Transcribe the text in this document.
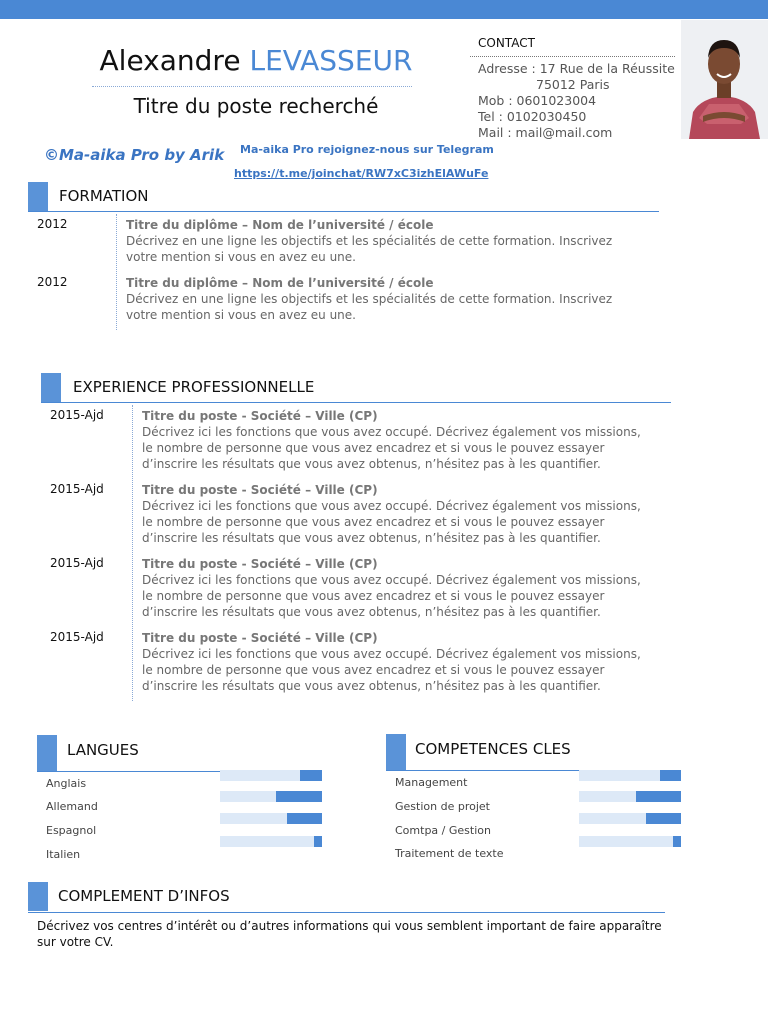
Alexandre LEVASSEUR
Titre du poste recherché
©Ma-aika Pro by Arik Ma-aika Pro rejoignez-nous sur Telegram
https://t.me/joinchat/RW7xC3izhElAWuFe
CONTACT
Adresse : 17 Rue de la Réussite
75012 Paris
Mob : 0601023004
Tel : 0102030450
Mail : mail@mail.com
FORMATION
2012	Titre du diplôme – Nom de l’université / école
Décrivez en une ligne les objectifs et les spécialités de cette formation. Inscrivez votre mention si vous en avez eu une.
2012	Titre du diplôme – Nom de l’université / école
Décrivez en une ligne les objectifs et les spécialités de cette formation. Inscrivez votre mention si vous en avez eu une.
EXPERIENCE PROFESSIONNELLE
2015-Ajd	Titre du poste - Société – Ville (CP)
Décrivez ici les fonctions que vous avez occupé. Décrivez également vos missions, le nombre de personne que vous avez encadrez et si vous le pouvez essayer d’inscrire les résultats que vous avez obtenus, n’hésitez pas à les quantifier.
2015-Ajd	Titre du poste - Société – Ville (CP)
Décrivez ici les fonctions que vous avez occupé. Décrivez également vos missions, le nombre de personne que vous avez encadrez et si vous le pouvez essayer d’inscrire les résultats que vous avez obtenus, n’hésitez pas à les quantifier.
2015-Ajd	Titre du poste - Société – Ville (CP)
Décrivez ici les fonctions que vous avez occupé. Décrivez également vos missions, le nombre de personne que vous avez encadrez et si vous le pouvez essayer d’inscrire les résultats que vous avez obtenus, n’hésitez pas à les quantifier.
2015-Ajd	Titre du poste - Société – Ville (CP)
Décrivez ici les fonctions que vous avez occupé. Décrivez également vos missions, le nombre de personne que vous avez encadrez et si vous le pouvez essayer d’inscrire les résultats que vous avez obtenus, n’hésitez pas à les quantifier.
LANGUES
Anglais
Allemand
Espagnol
Italien
COMPETENCES CLES
Management
Gestion de projet
Comtpa / Gestion
Traitement de texte
COMPLEMENT D’INFOS
Décrivez vos centres d’intérêt ou d’autres informations qui vous semblent important de faire apparaître sur votre CV.
